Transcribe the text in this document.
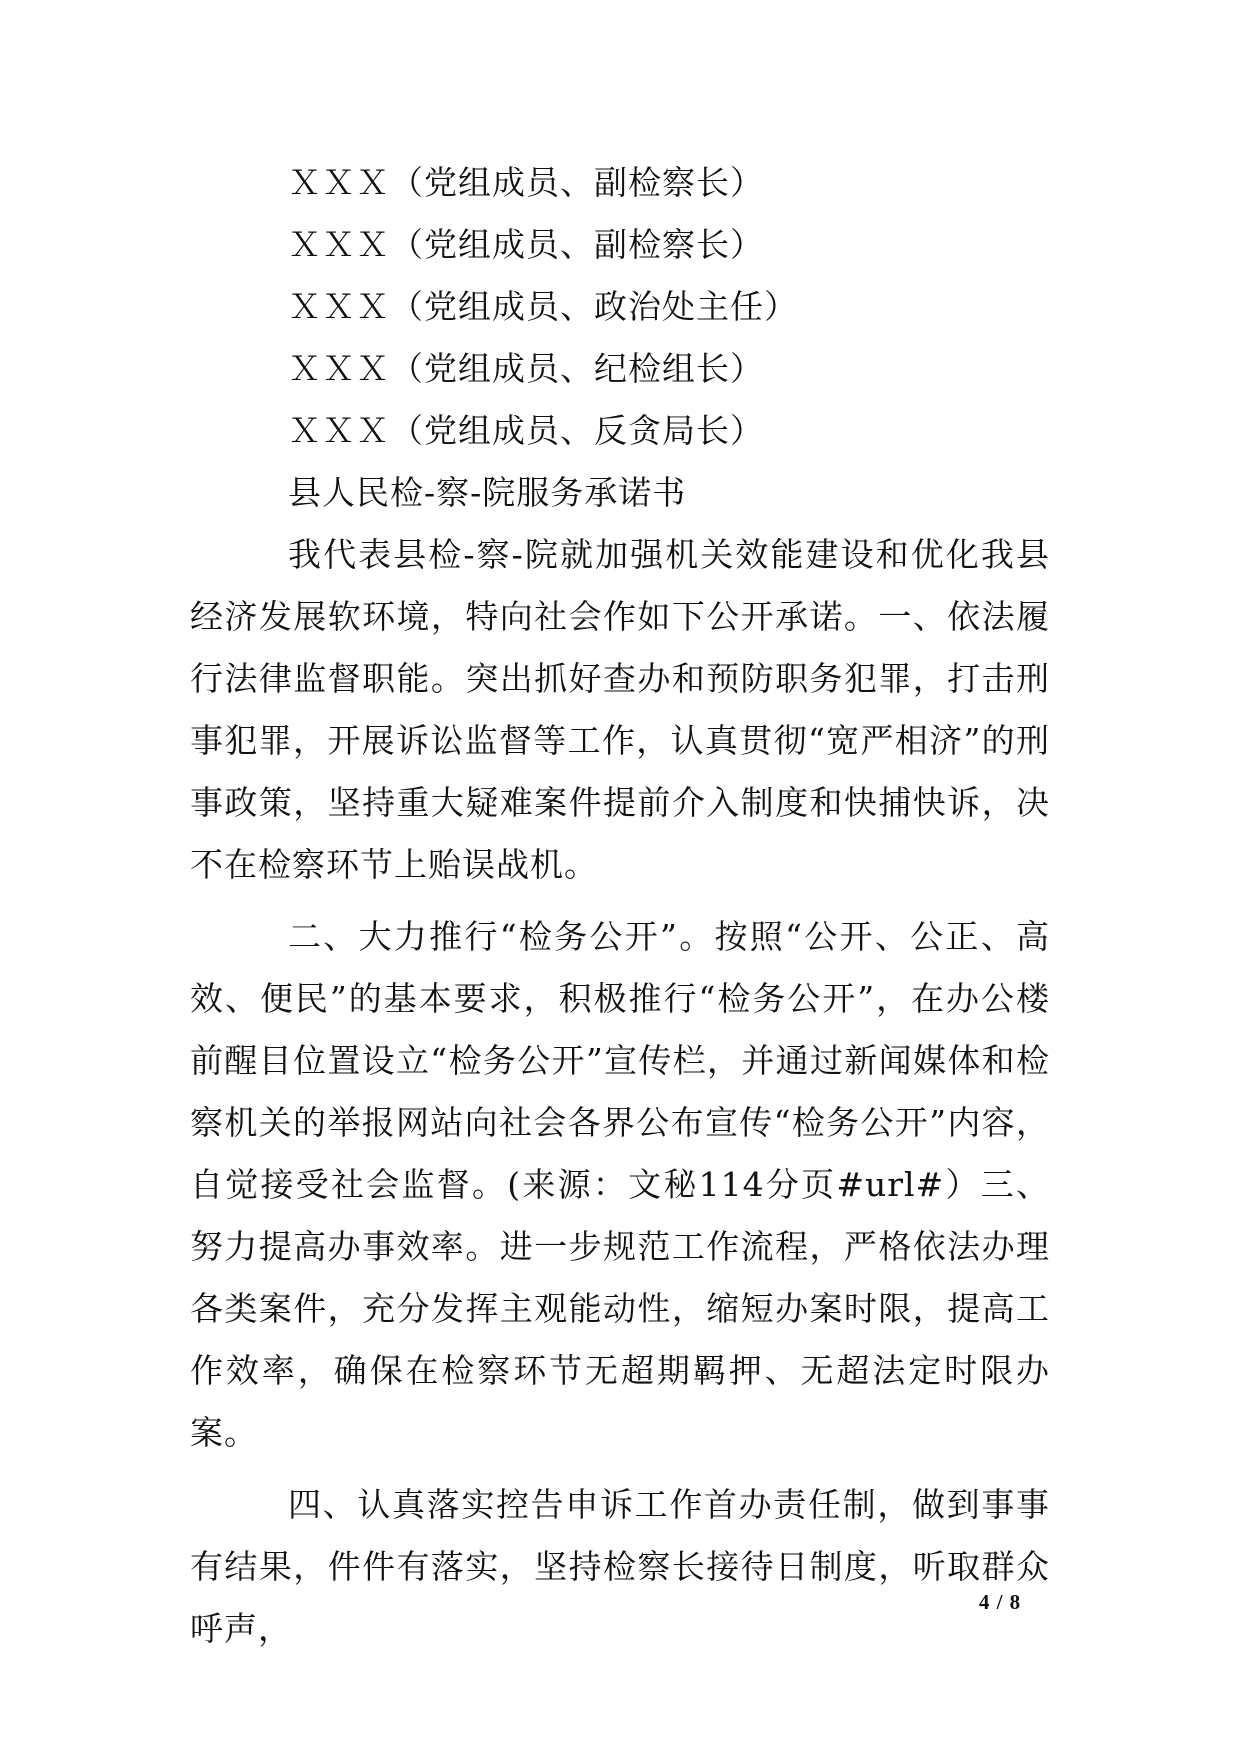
ＸＸＸ（党组成员、副检察长）
ＸＸＸ（党组成员、副检察长）
ＸＸＸ（党组成员、政治处主任）
ＸＸＸ（党组成员、纪检组长）
ＸＸＸ（党组成员、反贪局长）
县人民检-察-院服务承诺书

我代表县检-察-院就加强机关效能建设和优化我县经济发展软环境，特向社会作如下公开承诺。一、依法履行法律监督职能。突出抓好查办和预防职务犯罪，打击刑事犯罪，开展诉讼监督等工作，认真贯彻“宽严相济”的刑事政策，坚持重大疑难案件提前介入制度和快捕快诉，决不在检察环节上贻误战机。

二、大力推行“检务公开”。按照“公开、公正、高效、便民”的基本要求，积极推行“检务公开”，在办公楼前醒目位置设立“检务公开”宣传栏，并通过新闻媒体和检察机关的举报网站向社会各界公布宣传“检务公开”内容，自觉接受社会监督。(来源：文秘114分页#url#）三、努力提高办事效率。进一步规范工作流程，严格依法办理各类案件，充分发挥主观能动性，缩短办案时限，提高工作效率，确保在检察环节无超期羁押、无超法定时限办案。

四、认真落实控告申诉工作首办责任制，做到事事有结果，件件有落实，坚持检察长接待日制度，听取群众呼声，

4 / 8
